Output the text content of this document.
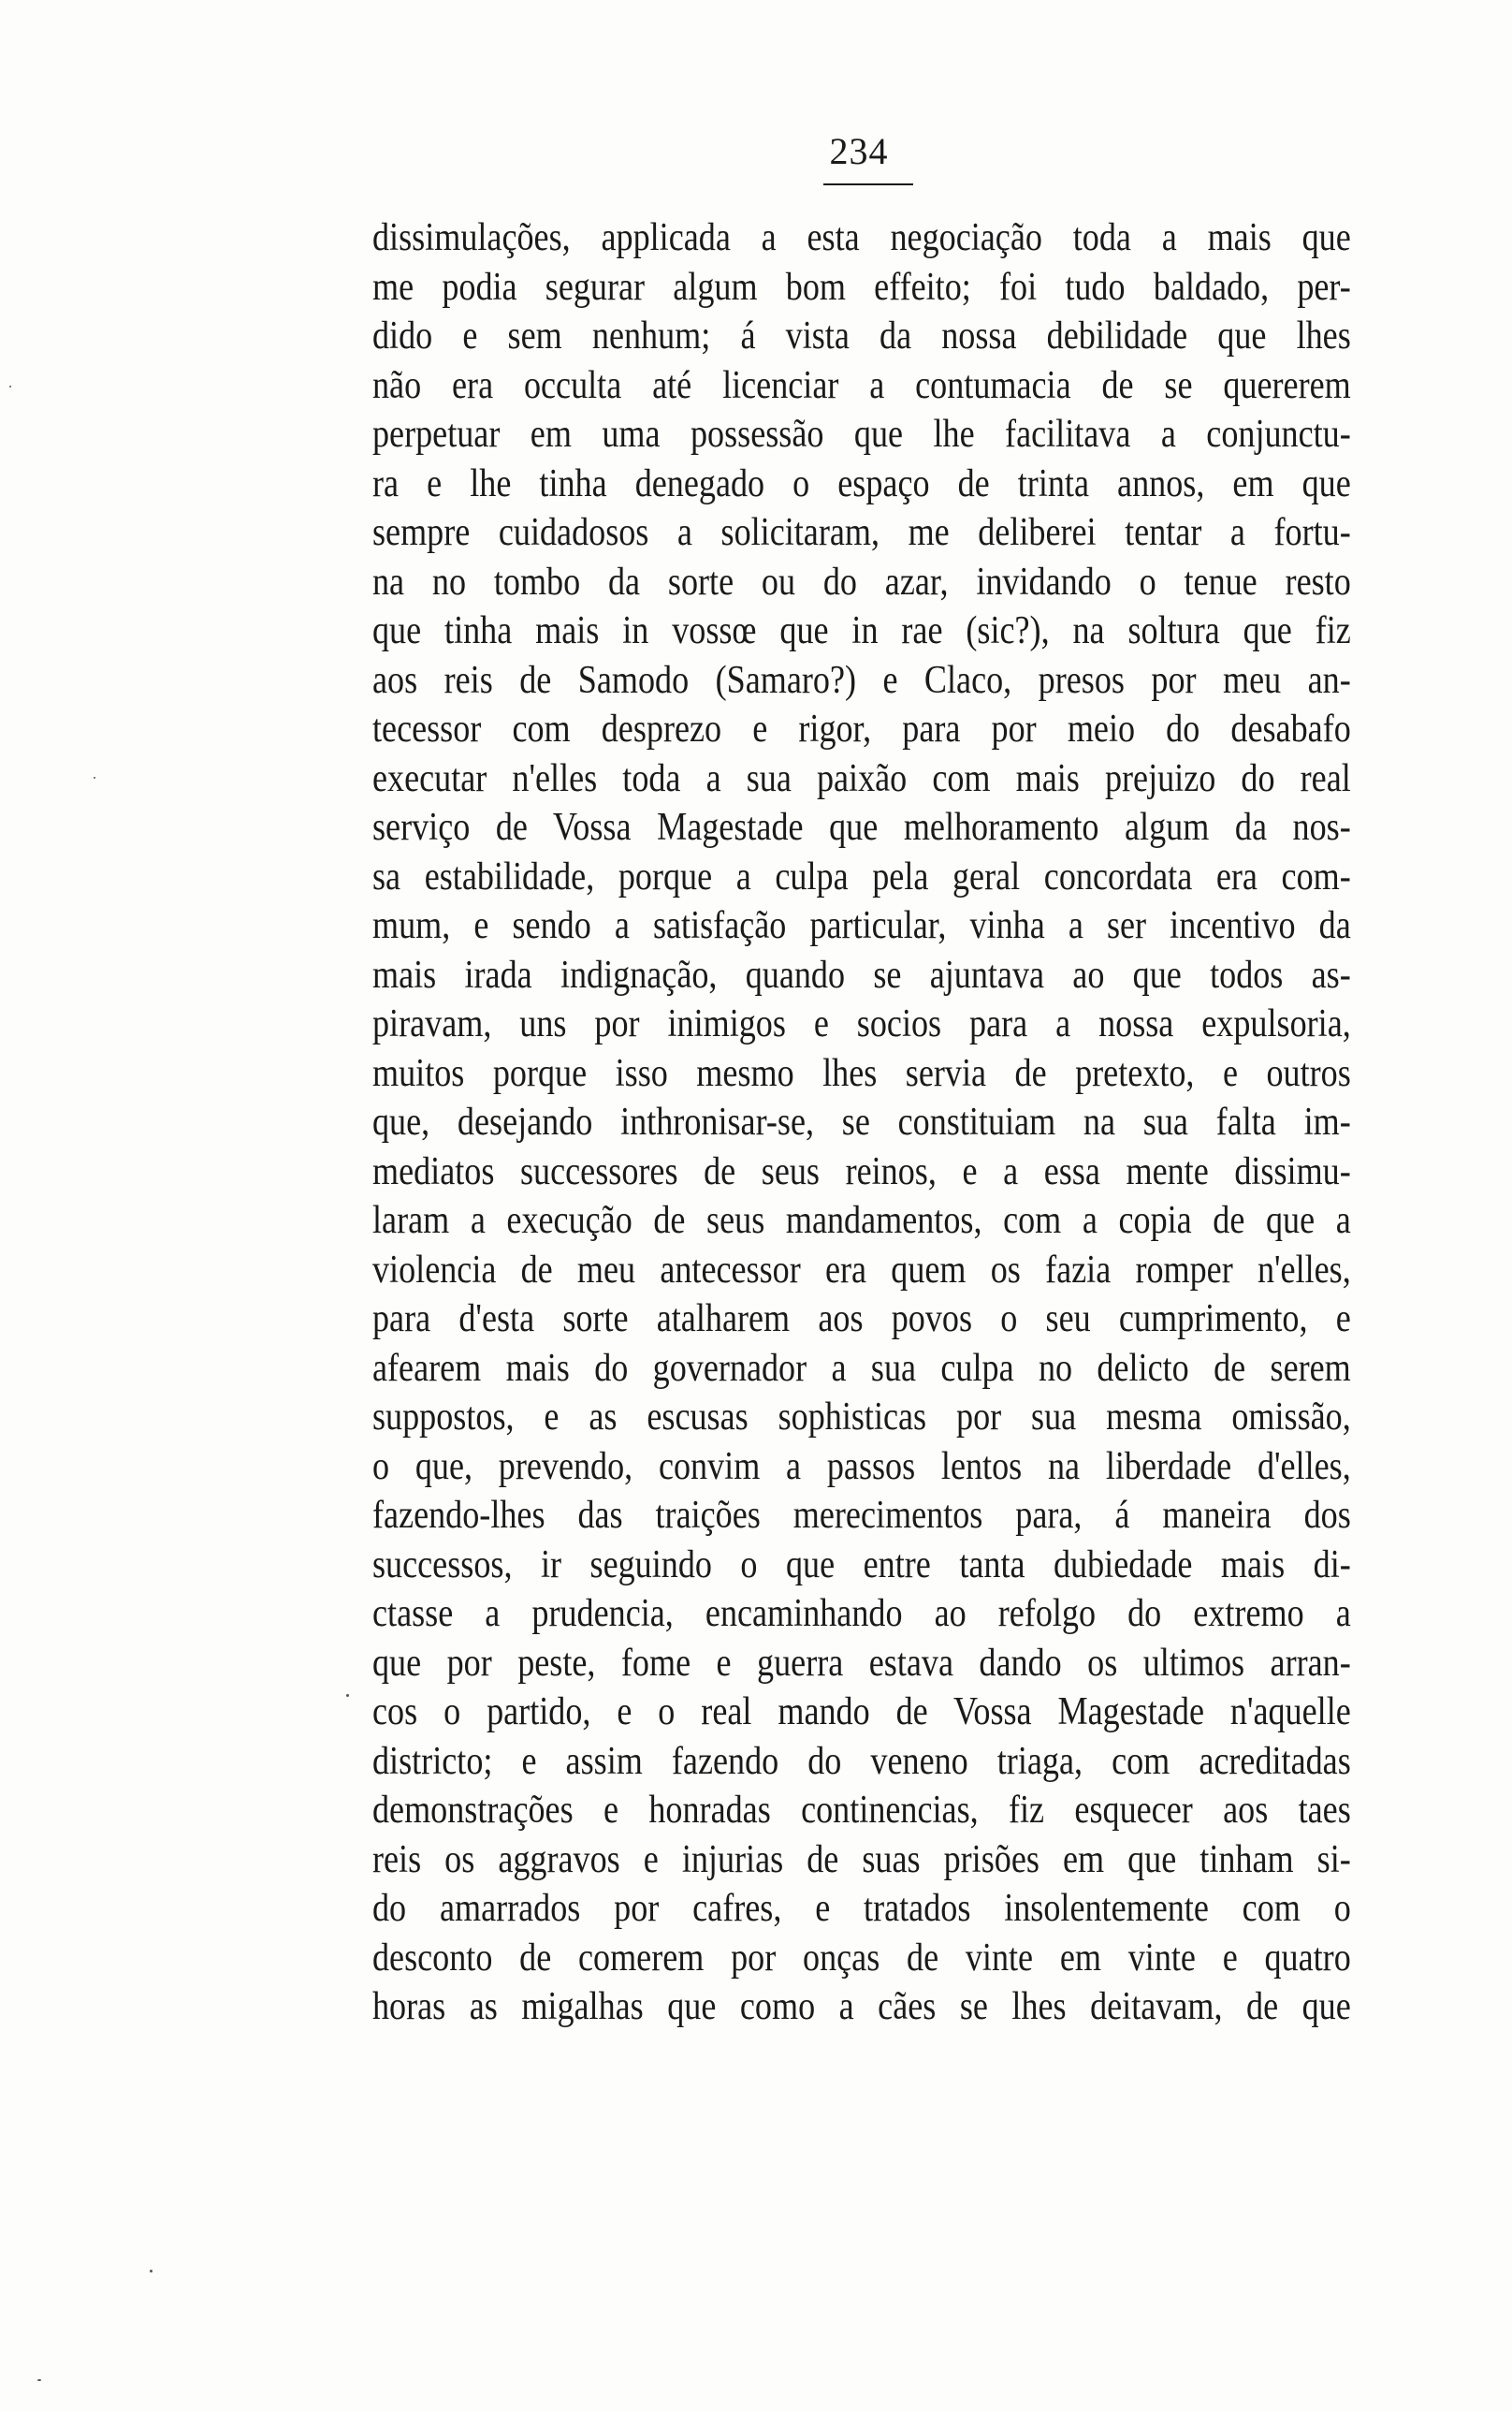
234
dissimulações, applicada a esta negociação toda a mais que
me podia segurar algum bom effeito; foi tudo baldado, per-
dido e sem nenhum; á vista da nossa debilidade que lhes
não era occulta até licenciar a contumacia de se quererem
perpetuar em uma possessão que lhe facilitava a conjunctu-
ra e lhe tinha denegado o espaço de trinta annos, em que
sempre cuidadosos a solicitaram, me deliberei tentar a fortu-
na no tombo da sorte ou do azar, invidando o tenue resto
que tinha mais in vossœ que in rae (sic?), na soltura que fiz
aos reis de Samodo (Samaro?) e Claco, presos por meu an-
tecessor com desprezo e rigor, para por meio do desabafo
executar n'elles toda a sua paixão com mais prejuizo do real
serviço de Vossa Magestade que melhoramento algum da nos-
sa estabilidade, porque a culpa pela geral concordata era com-
mum, e sendo a satisfação particular, vinha a ser incentivo da
mais irada indignação, quando se ajuntava ao que todos as-
piravam, uns por inimigos e socios para a nossa expulsoria,
muitos porque isso mesmo lhes servia de pretexto, e outros
que, desejando inthronisar-se, se constituiam na sua falta im-
mediatos successores de seus reinos, e a essa mente dissimu-
laram a execução de seus mandamentos, com a copia de que a
violencia de meu antecessor era quem os fazia romper n'elles,
para d'esta sorte atalharem aos povos o seu cumprimento, e
afearem mais do governador a sua culpa no delicto de serem
suppostos, e as escusas sophisticas por sua mesma omissão,
o que, prevendo, convim a passos lentos na liberdade d'elles,
fazendo-lhes das traições merecimentos para, á maneira dos
successos, ir seguindo o que entre tanta dubiedade mais di-
ctasse a prudencia, encaminhando ao refolgo do extremo a
que por peste, fome e guerra estava dando os ultimos arran-
cos o partido, e o real mando de Vossa Magestade n'aquelle
districto; e assim fazendo do veneno triaga, com acreditadas
demonstrações e honradas continencias, fiz esquecer aos taes
reis os aggravos e injurias de suas prisões em que tinham si-
do amarrados por cafres, e tratados insolentemente com o
desconto de comerem por onças de vinte em vinte e quatro
horas as migalhas que como a cães se lhes deitavam, de que
